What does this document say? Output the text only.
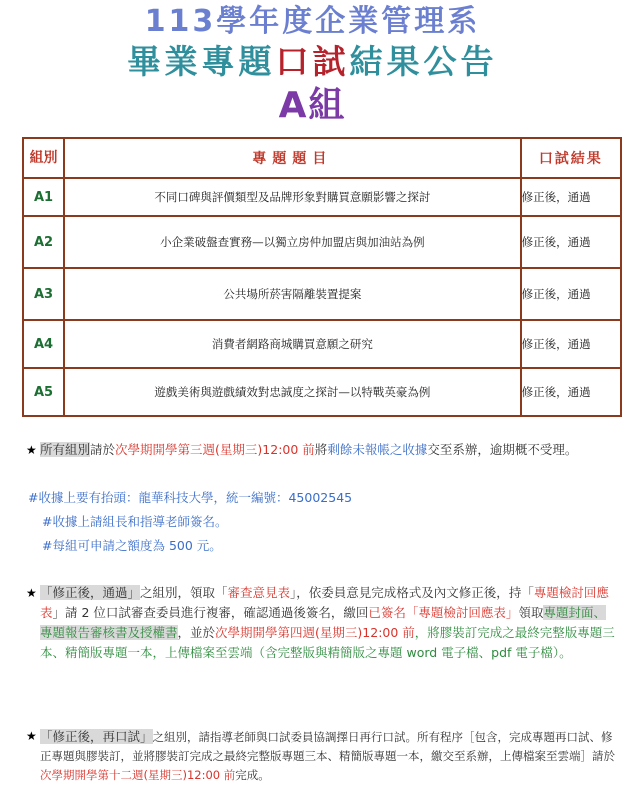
113學年度企業管理系
畢業專題口試結果公告
A組
組別	專題題目	口試結果
A1	不同口碑與評價類型及品牌形象對購買意願影響之探討	修正後，通過
A2	小企業破盤查實務—以獨立房仲加盟店與加油站為例	修正後，通過
A3	公共場所菸害隔離裝置提案	修正後，通過
A4	消費者網路商城購買意願之研究	修正後，通過
A5	遊戲美術與遊戲績效對忠誠度之探討—以特戰英豪為例	修正後，通過
★ 所有組別請於次學期開學第三週(星期三)12:00 前將剩餘未報帳之收據交至系辦，逾期概不受理。
#收據上要有抬頭：龍華科技大學，統一編號：45002545
#收據上請組長和指導老師簽名。
#每組可申請之額度為 500 元。
★ 「修正後，通過」之組別，領取「審查意見表」，依委員意見完成格式及內文修正後，持「專題檢討回應表」請 2 位口試審查委員進行複審，確認通過後簽名，繳回已簽名「專題檢討回應表」領取專題封面、專題報告審核書及授權書，並於次學期開學第四週(星期三)12:00 前，將膠裝訂完成之最終完整版專題三本、精簡版專題一本，上傳檔案至雲端（含完整版與精簡版之專題 word 電子檔、pdf 電子檔）。
★ 「修正後，再口試」之組別，請指導老師與口試委員協調擇日再行口試。所有程序［包含，完成專題再口試、修正專題與膠裝訂，並將膠裝訂完成之最終完整版專題三本、精簡版專題一本，繳交至系辦，上傳檔案至雲端］請於次學期開學第十二週(星期三)12:00 前完成。
